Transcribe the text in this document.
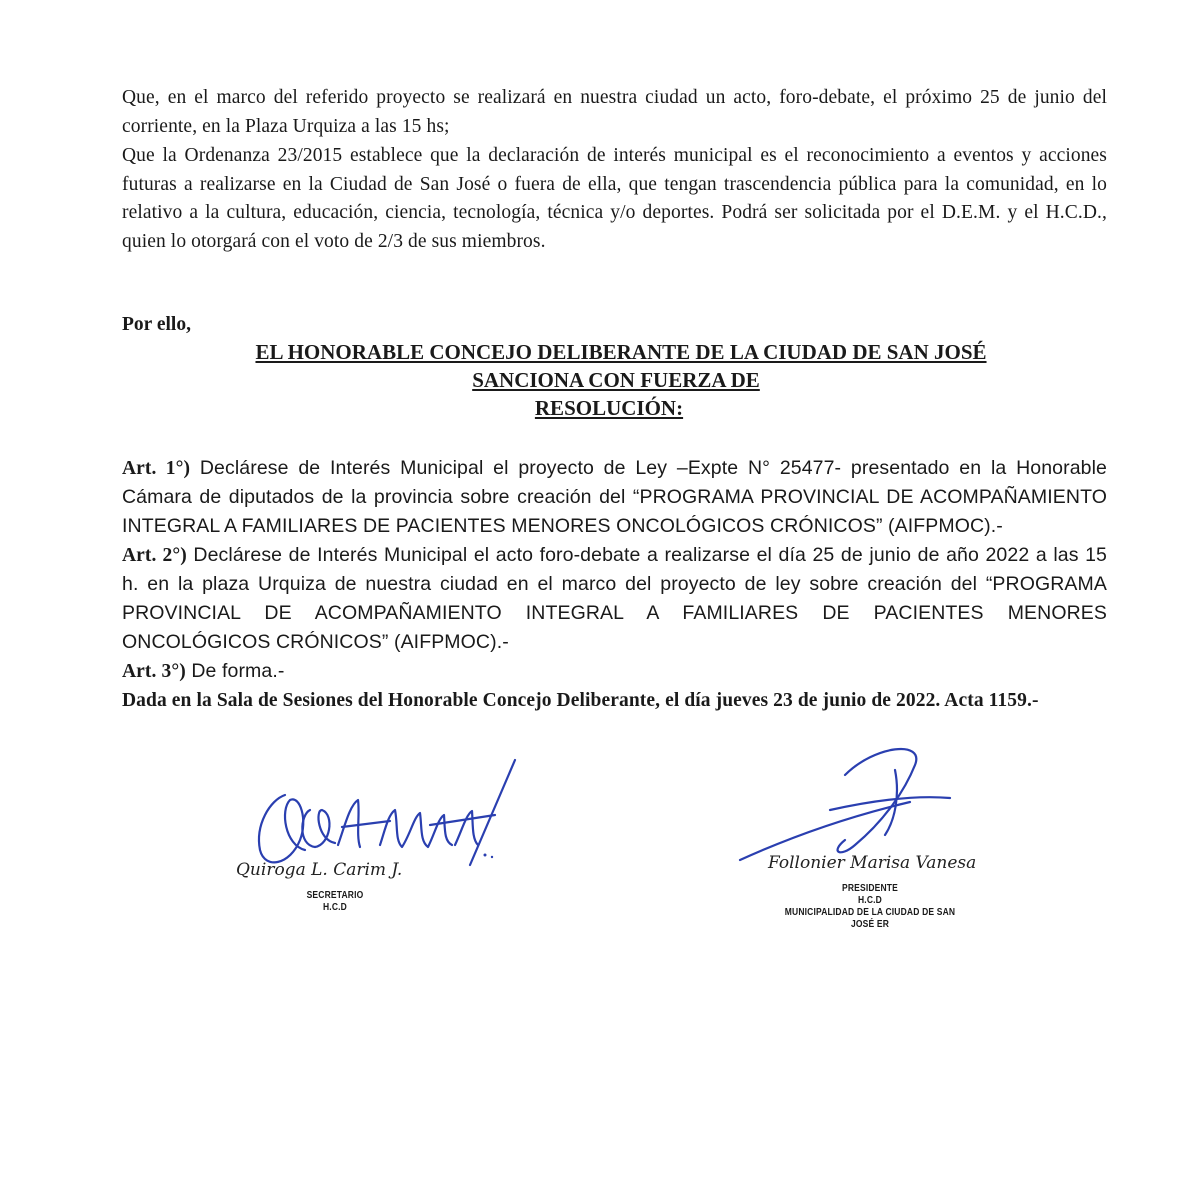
Que, en el marco del referido proyecto se realizará en nuestra ciudad un acto, foro-debate, el próximo 25 de junio del corriente, en la Plaza Urquiza a las 15 hs;

Que la Ordenanza 23/2015 establece que la declaración de interés municipal es el reconocimiento a eventos y acciones futuras a realizarse en la Ciudad de San José o fuera de ella, que tengan trascendencia pública para la comunidad, en lo relativo a la cultura, educación, ciencia, tecnología, técnica y/o deportes. Podrá ser solicitada por el D.E.M. y el H.C.D., quien lo otorgará con el voto de 2/3 de sus miembros.

Por ello,

EL HONORABLE CONCEJO DELIBERANTE DE LA CIUDAD DE SAN JOSÉ
SANCIONA CON FUERZA DE
RESOLUCIÓN:
Art. 1°) Declárese de Interés Municipal el proyecto de Ley –Expte N° 25477- presentado en la Honorable Cámara de diputados de la provincia sobre creación del “PROGRAMA PROVINCIAL DE ACOMPAÑAMIENTO INTEGRAL A FAMILIARES DE PACIENTES MENORES ONCOLÓGICOS CRÓNICOS” (AIFPMOC).-
Art. 2°) Declárese de Interés Municipal el acto foro-debate a realizarse el día 25 de junio de año 2022 a las 15 h. en la plaza Urquiza de nuestra ciudad en el marco del proyecto de ley sobre creación del “PROGRAMA PROVINCIAL DE ACOMPAÑAMIENTO INTEGRAL A FAMILIARES DE PACIENTES MENORES ONCOLÓGICOS CRÓNICOS” (AIFPMOC).-
Art. 3°) De forma.-
Dada en la Sala de Sesiones del Honorable Concejo Deliberante, el día jueves 23 de junio de 2022. Acta 1159.-
Quiroga L. Carim J.
SECRETARIO
H.C.D
Follonier Marisa Vanesa
PRESIDENTE
H.C.D
MUNICIPALIDAD DE LA CIUDAD DE SAN JOSÉ ER
